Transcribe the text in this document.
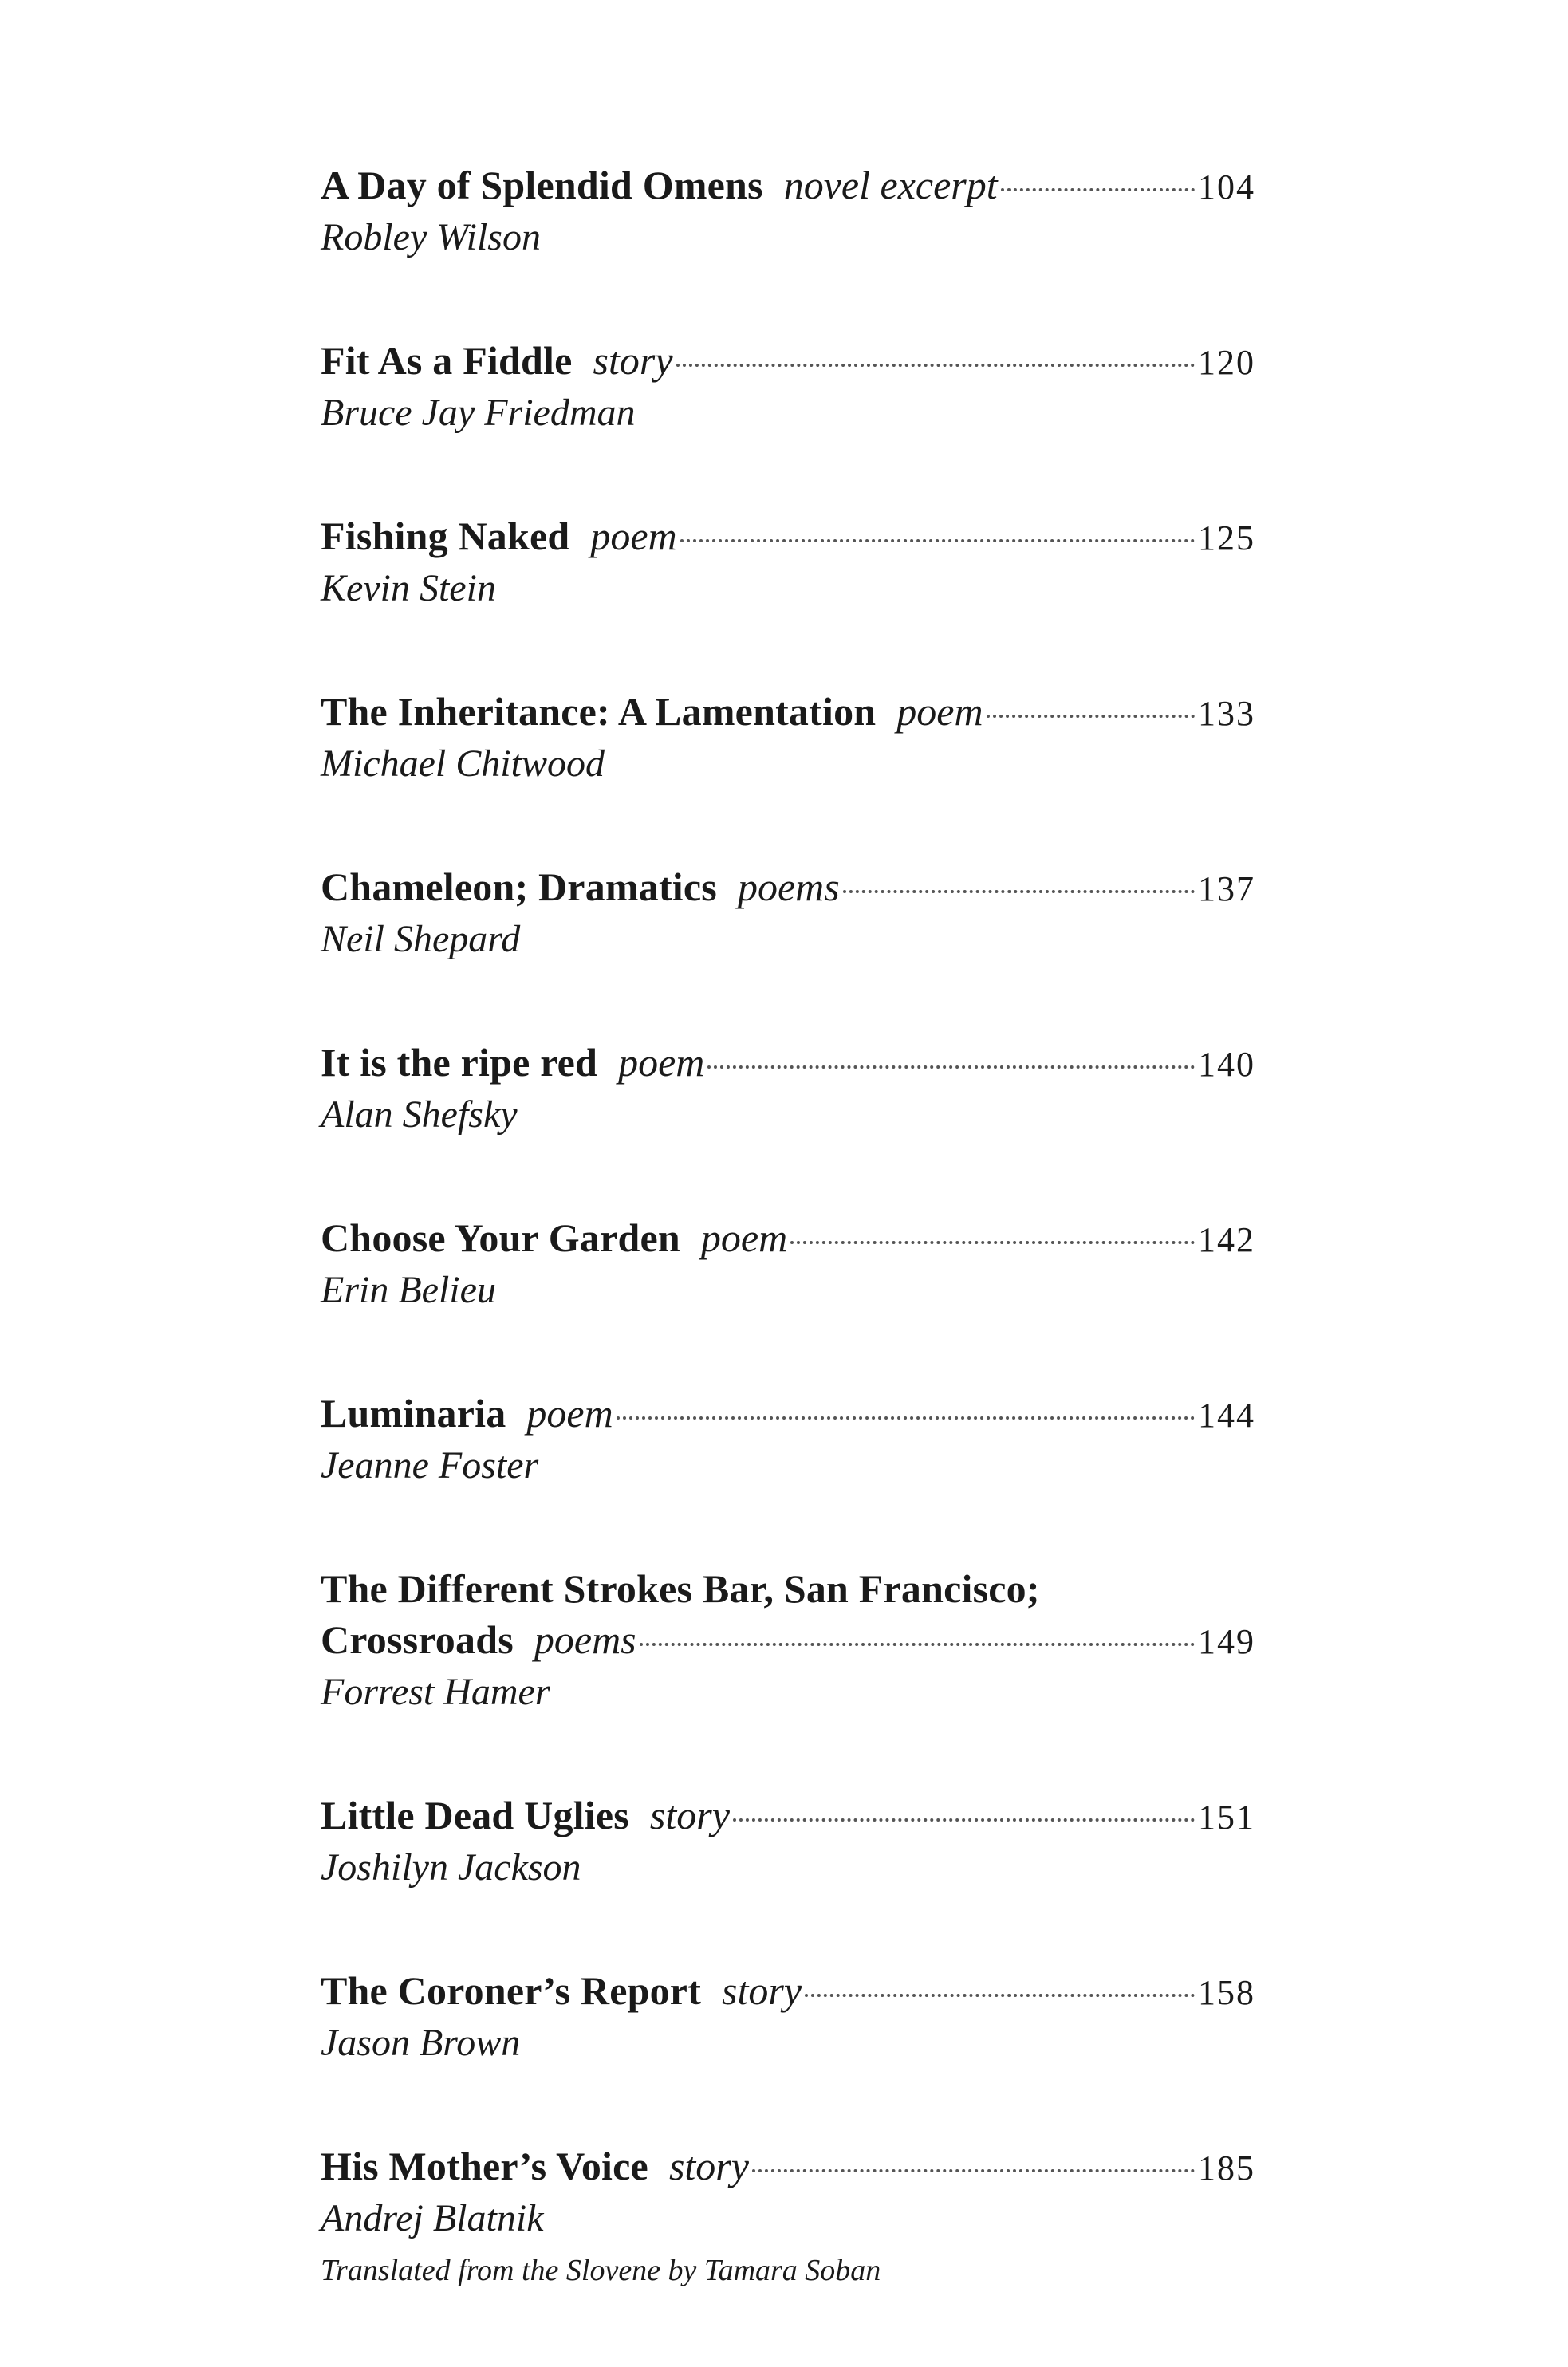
A Day of Splendid Omens novel excerpt	104
Robley Wilson
Fit As a Fiddle story	120
Bruce Jay Friedman
Fishing Naked poem	125
Kevin Stein
The Inheritance: A Lamentation poem	133
Michael Chitwood
Chameleon; Dramatics poems	137
Neil Shepard
It is the ripe red poem	140
Alan Shefsky
Choose Your Garden poem	142
Erin Belieu
Luminaria poem	144
Jeanne Foster
The Different Strokes Bar, San Francisco;
Crossroads poems	149
Forrest Hamer
Little Dead Uglies story	151
Joshilyn Jackson
The Coroner’s Report story	158
Jason Brown
His Mother’s Voice story	185
Andrej Blatnik
Translated from the Slovene by Tamara Soban
